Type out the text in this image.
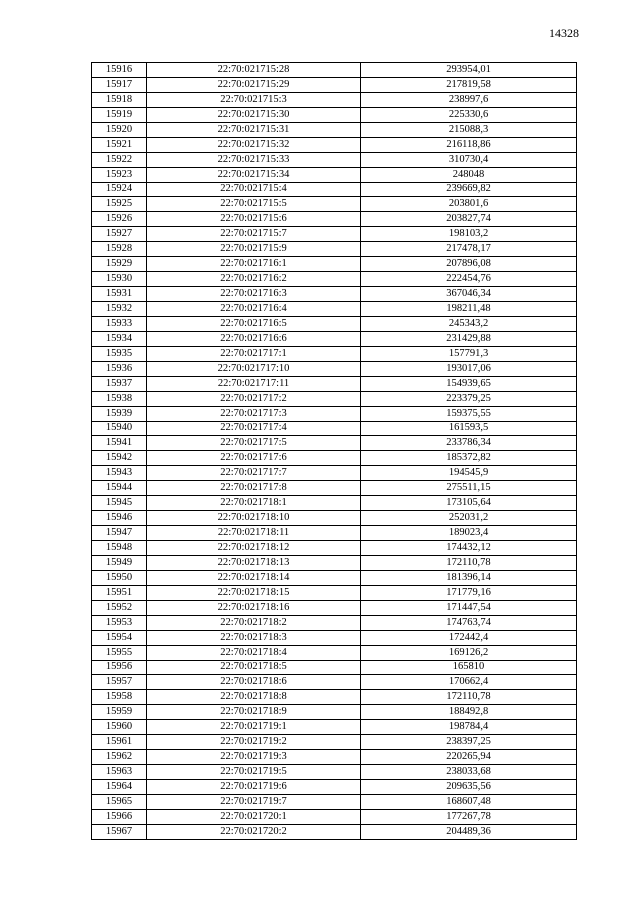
14328
15916	22:70:021715:28	293954,01
15917	22:70:021715:29	217819,58
15918	22:70:021715:3	238997,6
15919	22:70:021715:30	225330,6
15920	22:70:021715:31	215088,3
15921	22:70:021715:32	216118,86
15922	22:70:021715:33	310730,4
15923	22:70:021715:34	248048
15924	22:70:021715:4	239669,82
15925	22:70:021715:5	203801,6
15926	22:70:021715:6	203827,74
15927	22:70:021715:7	198103,2
15928	22:70:021715:9	217478,17
15929	22:70:021716:1	207896,08
15930	22:70:021716:2	222454,76
15931	22:70:021716:3	367046,34
15932	22:70:021716:4	198211,48
15933	22:70:021716:5	245343,2
15934	22:70:021716:6	231429,88
15935	22:70:021717:1	157791,3
15936	22:70:021717:10	193017,06
15937	22:70:021717:11	154939,65
15938	22:70:021717:2	223379,25
15939	22:70:021717:3	159375,55
15940	22:70:021717:4	161593,5
15941	22:70:021717:5	233786,34
15942	22:70:021717:6	185372,82
15943	22:70:021717:7	194545,9
15944	22:70:021717:8	275511,15
15945	22:70:021718:1	173105,64
15946	22:70:021718:10	252031,2
15947	22:70:021718:11	189023,4
15948	22:70:021718:12	174432,12
15949	22:70:021718:13	172110,78
15950	22:70:021718:14	181396,14
15951	22:70:021718:15	171779,16
15952	22:70:021718:16	171447,54
15953	22:70:021718:2	174763,74
15954	22:70:021718:3	172442,4
15955	22:70:021718:4	169126,2
15956	22:70:021718:5	165810
15957	22:70:021718:6	170662,4
15958	22:70:021718:8	172110,78
15959	22:70:021718:9	188492,8
15960	22:70:021719:1	198784,4
15961	22:70:021719:2	238397,25
15962	22:70:021719:3	220265,94
15963	22:70:021719:5	238033,68
15964	22:70:021719:6	209635,56
15965	22:70:021719:7	168607,48
15966	22:70:021720:1	177267,78
15967	22:70:021720:2	204489,36
